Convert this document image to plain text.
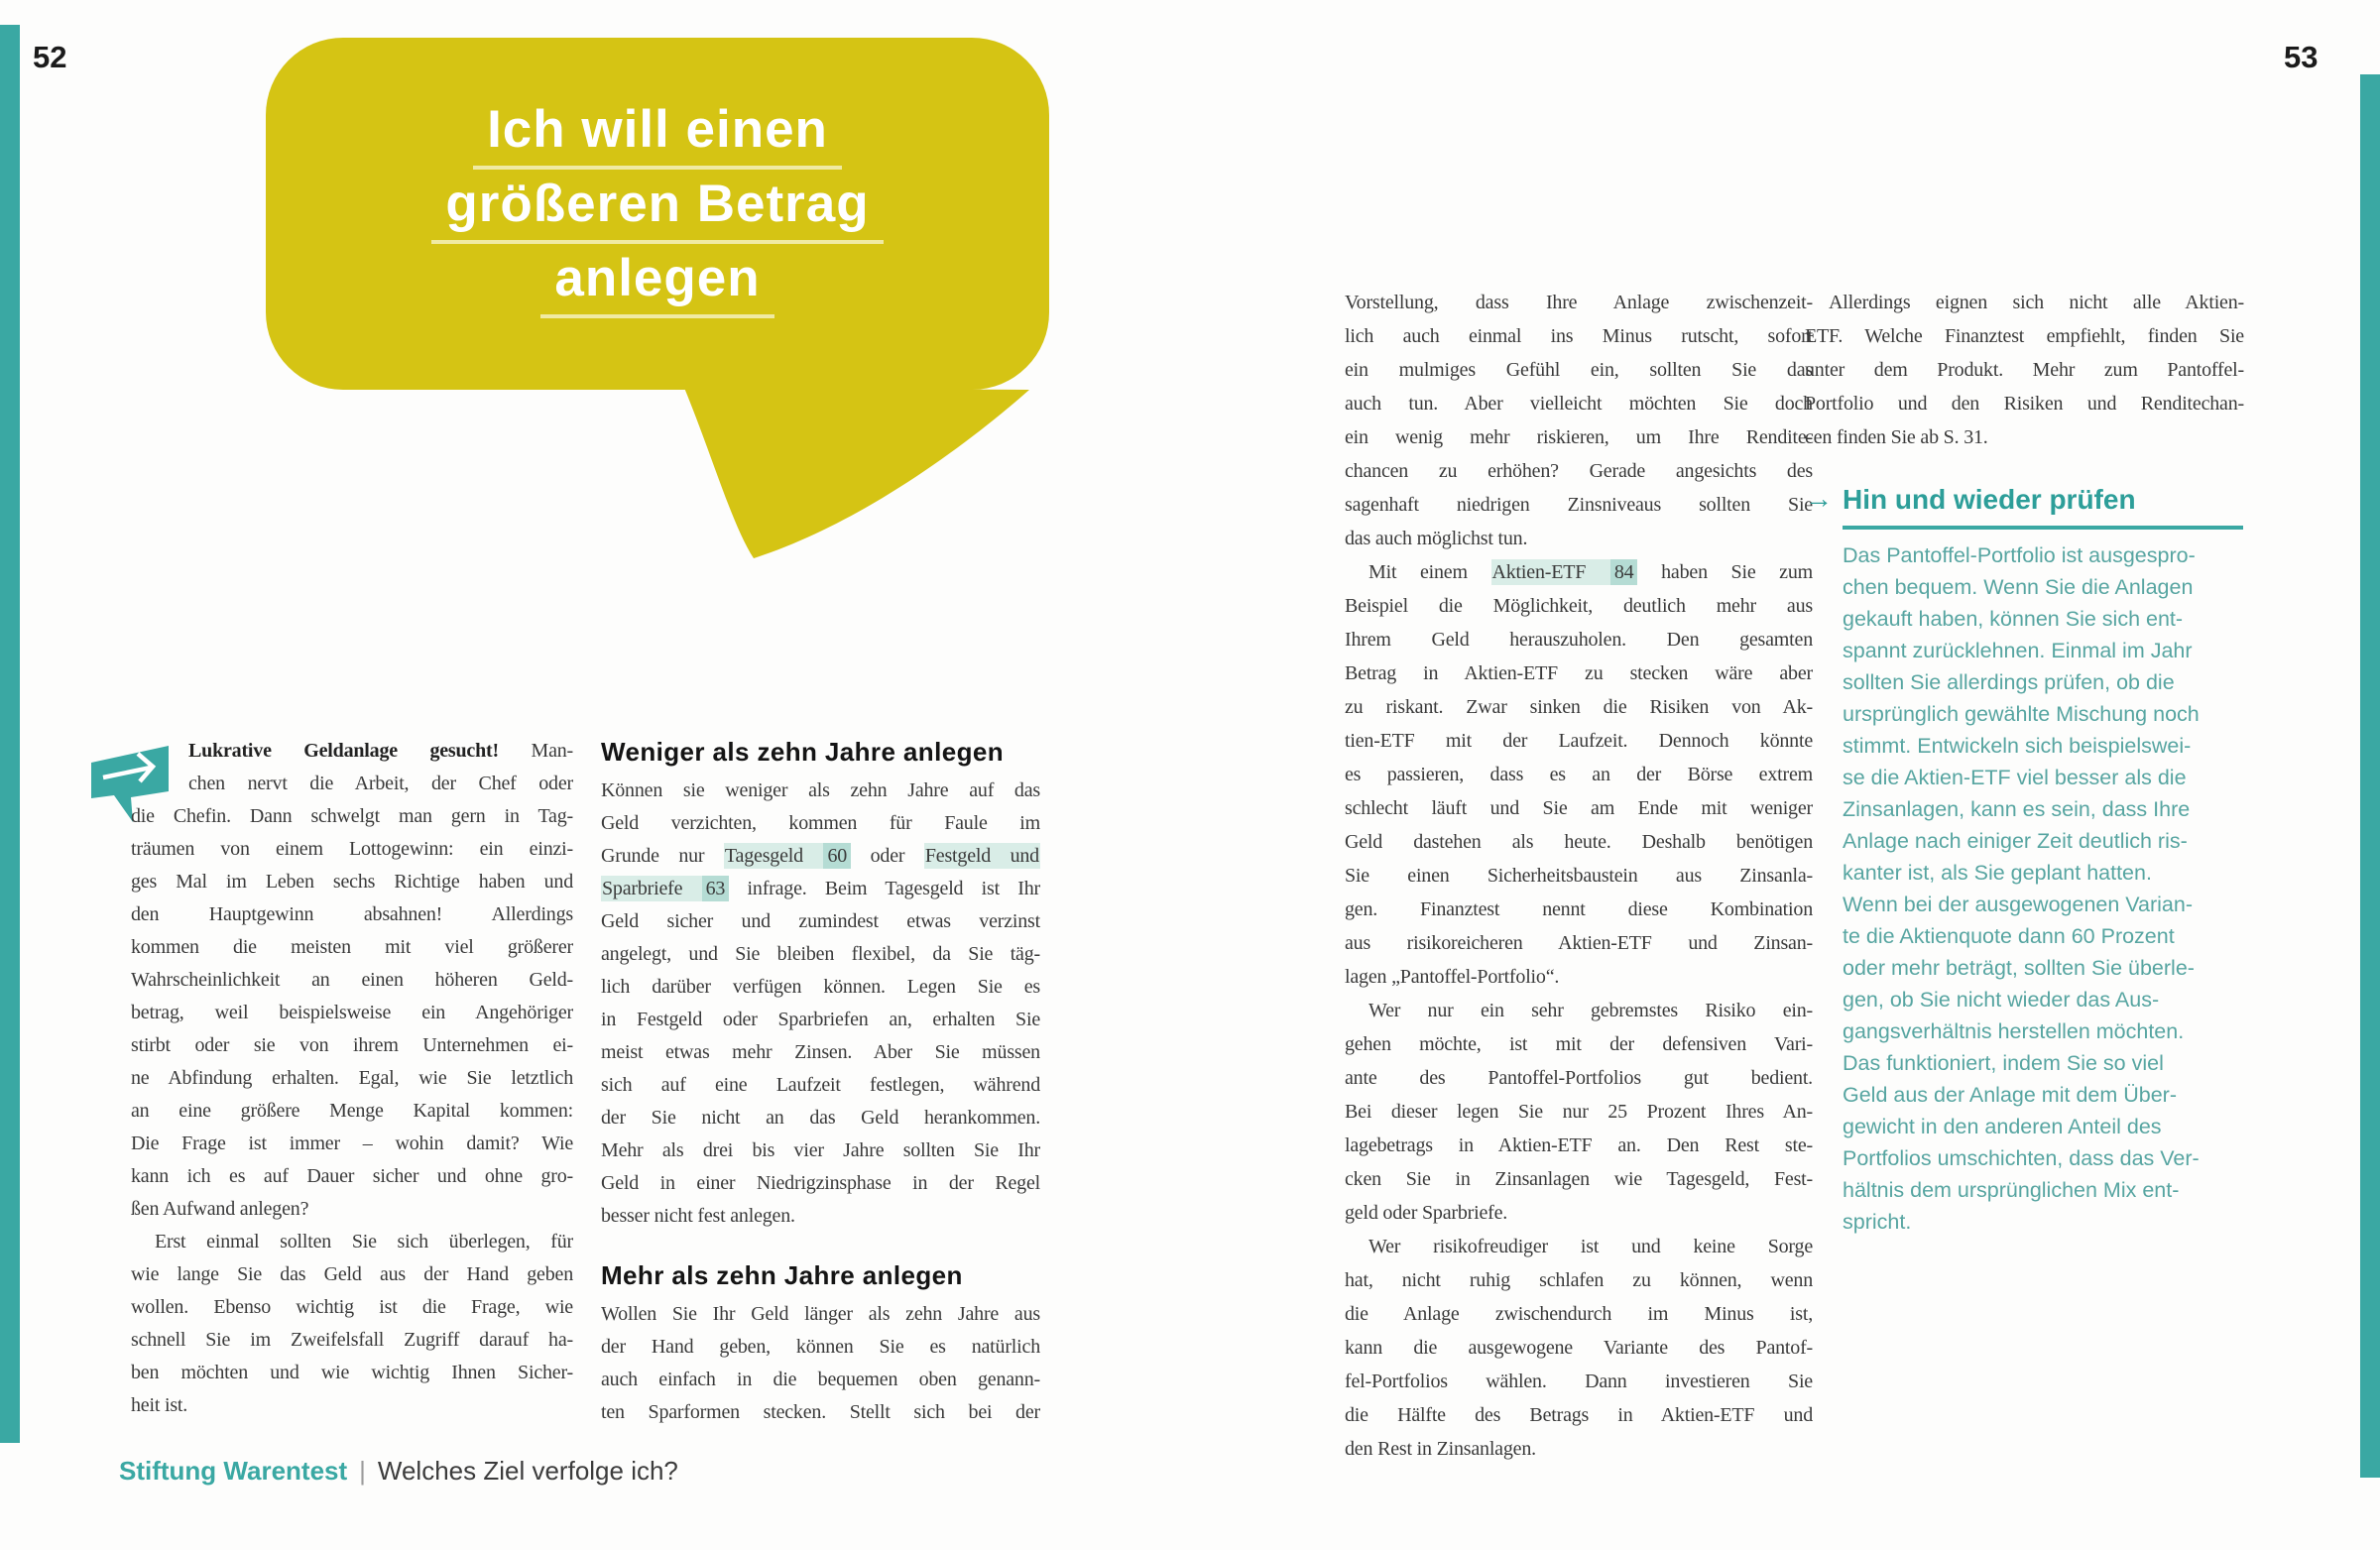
52	53
Ich will einen
größeren Betrag
anlegen
Lukrative Geldanlage gesucht! Man-
chen nervt die Arbeit, der Chef oder
die Chefin. Dann schwelgt man gern in Tag-
träumen von einem Lottogewinn: ein einzi-
ges Mal im Leben sechs Richtige haben und
den Hauptgewinn absahnen! Allerdings
kommen die meisten mit viel größerer
Wahrscheinlichkeit an einen höheren Geld-
betrag, weil beispielsweise ein Angehöriger
stirbt oder sie von ihrem Unternehmen ei-
ne Abfindung erhalten. Egal, wie Sie letztlich
an eine größere Menge Kapital kommen:
Die Frage ist immer – wohin damit? Wie
kann ich es auf Dauer sicher und ohne gro-
ßen Aufwand anlegen?
Erst einmal sollten Sie sich überlegen, für
wie lange Sie das Geld aus der Hand geben
wollen. Ebenso wichtig ist die Frage, wie
schnell Sie im Zweifelsfall Zugriff darauf ha-
ben möchten und wie wichtig Ihnen Sicher-
heit ist.
Weniger als zehn Jahre anlegen
Können sie weniger als zehn Jahre auf das
Geld verzichten, kommen für Faule im
Grunde nur Tagesgeld 60 oder Festgeld und
Sparbriefe 63 infrage. Beim Tagesgeld ist Ihr
Geld sicher und zumindest etwas verzinst
angelegt, und Sie bleiben flexibel, da Sie täg-
lich darüber verfügen können. Legen Sie es
in Festgeld oder Sparbriefen an, erhalten Sie
meist etwas mehr Zinsen. Aber Sie müssen
sich auf eine Laufzeit festlegen, während
der Sie nicht an das Geld herankommen.
Mehr als drei bis vier Jahre sollten Sie Ihr
Geld in einer Niedrigzinsphase in der Regel
besser nicht fest anlegen.
Mehr als zehn Jahre anlegen
Wollen Sie Ihr Geld länger als zehn Jahre aus
der Hand geben, können Sie es natürlich
auch einfach in die bequemen oben genann-
ten Sparformen stecken. Stellt sich bei der
Vorstellung, dass Ihre Anlage zwischenzeit-
lich auch einmal ins Minus rutscht, sofort
ein mulmiges Gefühl ein, sollten Sie das
auch tun. Aber vielleicht möchten Sie doch
ein wenig mehr riskieren, um Ihre Rendite-
chancen zu erhöhen? Gerade angesichts des
sagenhaft niedrigen Zinsniveaus sollten Sie
das auch möglichst tun.
Mit einem Aktien-ETF 84 haben Sie zum
Beispiel die Möglichkeit, deutlich mehr aus
Ihrem Geld herauszuholen. Den gesamten
Betrag in Aktien-ETF zu stecken wäre aber
zu riskant. Zwar sinken die Risiken von Ak-
tien-ETF mit der Laufzeit. Dennoch könnte
es passieren, dass es an der Börse extrem
schlecht läuft und Sie am Ende mit weniger
Geld dastehen als heute. Deshalb benötigen
Sie einen Sicherheitsbaustein aus Zinsanla-
gen. Finanztest nennt diese Kombination
aus risikoreicheren Aktien-ETF und Zinsan-
lagen „Pantoffel-Portfolio“.
Wer nur ein sehr gebremstes Risiko ein-
gehen möchte, ist mit der defensiven Vari-
ante des Pantoffel-Portfolios gut bedient.
Bei dieser legen Sie nur 25 Prozent Ihres An-
lagebetrags in Aktien-ETF an. Den Rest ste-
cken Sie in Zinsanlagen wie Tagesgeld, Fest-
geld oder Sparbriefe.
Wer risikofreudiger ist und keine Sorge
hat, nicht ruhig schlafen zu können, wenn
die Anlage zwischendurch im Minus ist,
kann die ausgewogene Variante des Pantof-
fel-Portfolios wählen. Dann investieren Sie
die Hälfte des Betrags in Aktien-ETF und
den Rest in Zinsanlagen.
Allerdings eignen sich nicht alle Aktien-
ETF. Welche Finanztest empfiehlt, finden Sie
unter dem Produkt. Mehr zum Pantoffel-
Portfolio und den Risiken und Renditechan-
cen finden Sie ab S. 31.
→ Hin und wieder prüfen
Das Pantoffel-Portfolio ist ausgespro-
chen bequem. Wenn Sie die Anlagen
gekauft haben, können Sie sich ent-
spannt zurücklehnen. Einmal im Jahr
sollten Sie allerdings prüfen, ob die
ursprünglich gewählte Mischung noch
stimmt. Entwickeln sich beispielswei-
se die Aktien-ETF viel besser als die
Zinsanlagen, kann es sein, dass Ihre
Anlage nach einiger Zeit deutlich ris-
kanter ist, als Sie geplant hatten.
Wenn bei der ausgewogenen Varian-
te die Aktienquote dann 60 Prozent
oder mehr beträgt, sollten Sie überle-
gen, ob Sie nicht wieder das Aus-
gangsverhältnis herstellen möchten.
Das funktioniert, indem Sie so viel
Geld aus der Anlage mit dem Über-
gewicht in den anderen Anteil des
Portfolios umschichten, dass das Ver-
hältnis dem ursprünglichen Mix ent-
spricht.
Stiftung Warentest | Welches Ziel verfolge ich?
